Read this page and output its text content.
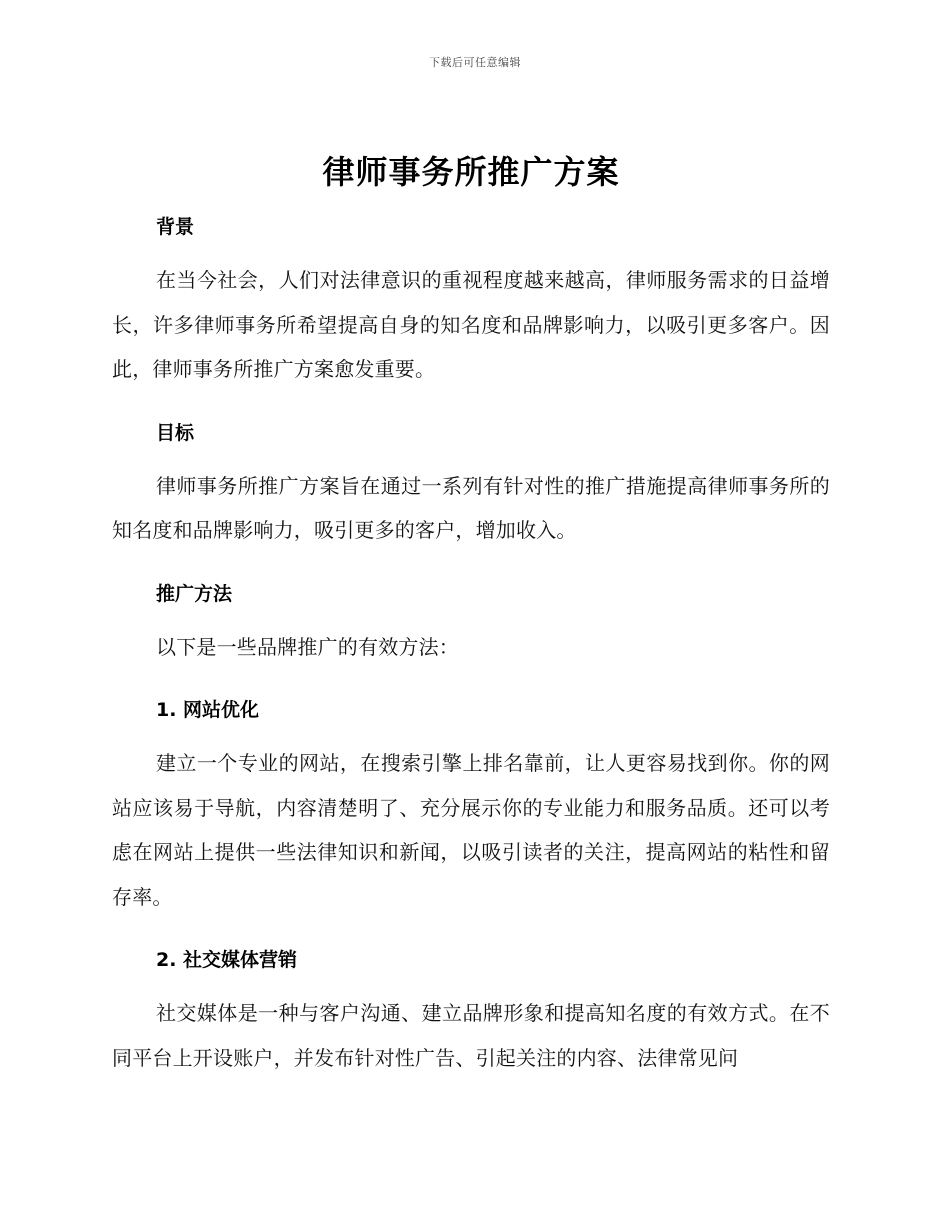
下载后可任意编辑
律师事务所推广方案
背景

在当今社会，人们对法律意识的重视程度越来越高，律师服务需求的日益增长，许多律师事务所希望提高自身的知名度和品牌影响力，以吸引更多客户。因此，律师事务所推广方案愈发重要。

目标

律师事务所推广方案旨在通过一系列有针对性的推广措施提高律师事务所的知名度和品牌影响力，吸引更多的客户，增加收入。

推广方法

以下是一些品牌推广的有效方法：

1. 网站优化

建立一个专业的网站，在搜索引擎上排名靠前，让人更容易找到你。你的网站应该易于导航，内容清楚明了、充分展示你的专业能力和服务品质。还可以考虑在网站上提供一些法律知识和新闻，以吸引读者的关注，提高网站的粘性和留存率。

2. 社交媒体营销

社交媒体是一种与客户沟通、建立品牌形象和提高知名度的有效方式。在不同平台上开设账户，并发布针对性广告、引起关注的内容、法律常见问
